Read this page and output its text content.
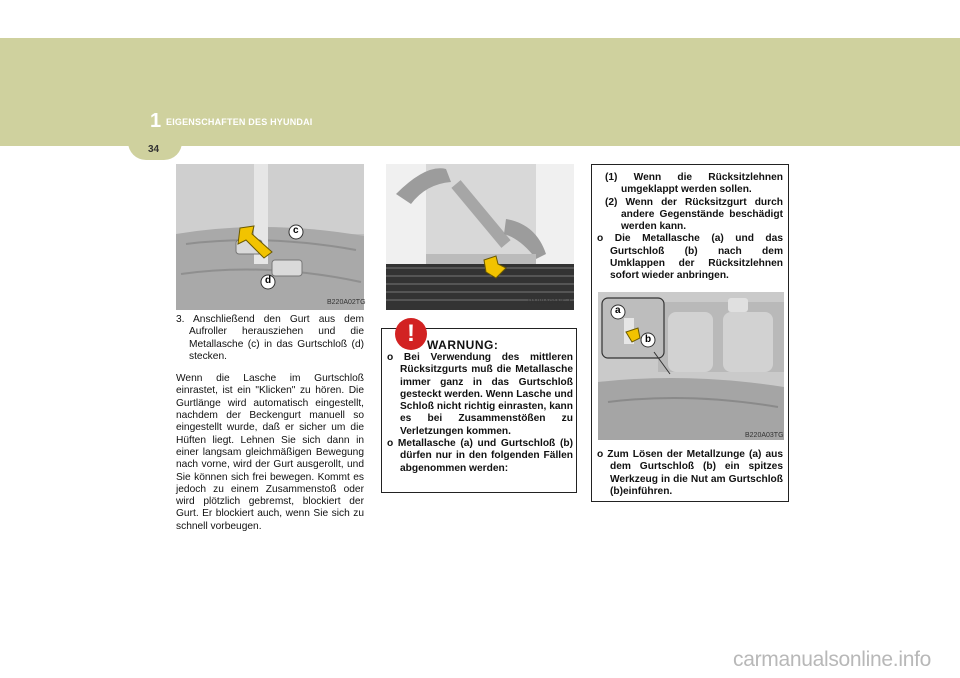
1 EIGENSCHAFTEN DES HYUNDAI
34
B220A02TG
c
d
B180A01NF-E

3. Anschließend den Gurt aus dem Aufroller herausziehen und die Metallasche (c) in das Gurtschloß (d) stecken.

Wenn die Lasche im Gurtschloß einrastet, ist ein "Klicken" zu hören. Die Gurtlänge wird automatisch eingestellt, nachdem der Beckengurt manuell so eingestellt wurde, daß er sicher um die Hüften liegt. Lehnen Sie sich dann in einer langsam gleichmäßigen Bewegung nach vorne, wird der Gurt ausgerollt, und Sie können sich frei bewegen. Kommt es jedoch zu einem Zusammenstoß oder wird plötzlich gebremst, blockiert der Gurt. Er blockiert auch, wenn Sie sich zu schnell vorbeugen.

!	WARNUNG:

o Bei Verwendung des mittleren Rücksitzgurts muß die Metallasche immer ganz in das Gurtschloß gesteckt werden. Wenn Lasche und Schloß nicht richtig einrasten, kann es bei Zusammenstößen zu Verletzungen kommen.

o Metallasche (a) und Gurtschloß (b) dürfen nur in den folgenden Fällen abgenommen werden:

(1) Wenn die Rücksitzlehnen umgeklappt werden sollen.

(2) Wenn der Rücksitzgurt durch andere Gegenstände beschädigt werden kann.

o Die Metallasche (a) und das Gurtschloß (b) nach dem Umklappen der Rücksitzlehnen sofort wieder anbringen.

a
b
B220A03TG

o Zum Lösen der Metallzunge (a) aus dem Gurtschloß (b) ein spitzes Werkzeug in die Nut am Gurtschloß (b)einführen.

carmanualsonline.info
